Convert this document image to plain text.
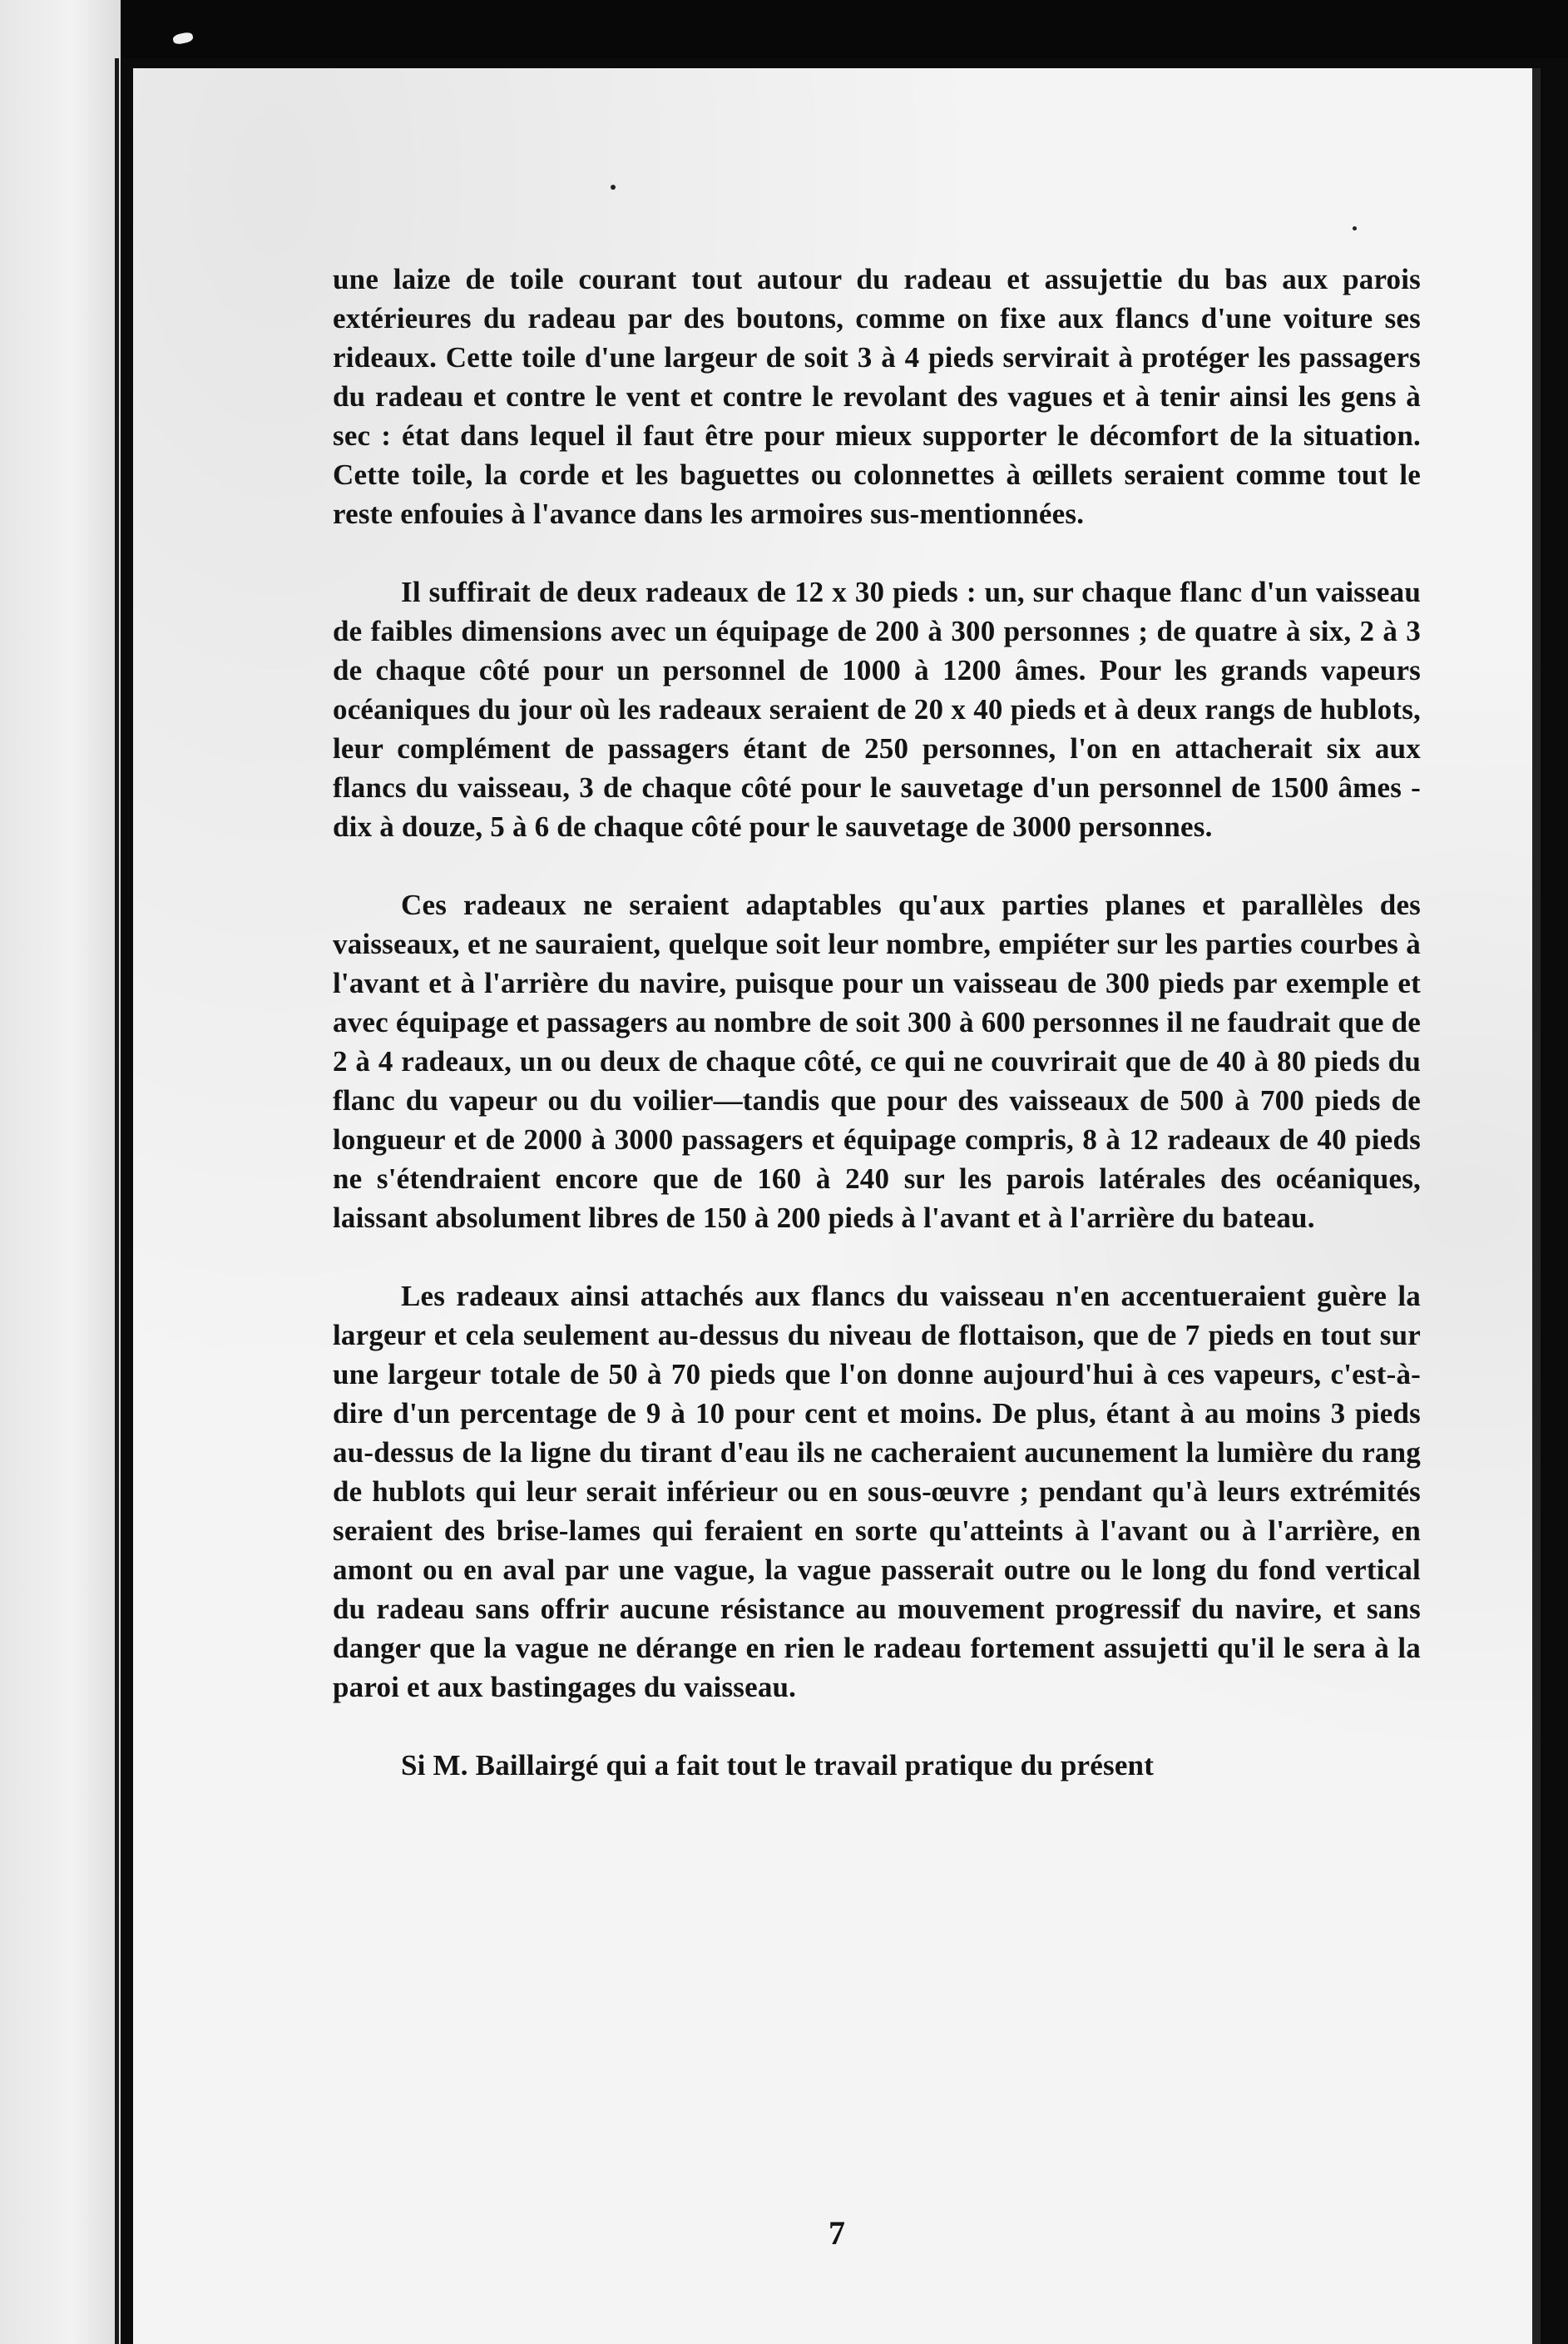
une laize de toile courant tout autour du radeau et assujettie du bas aux parois extérieures du radeau par des boutons, comme on fixe aux flancs d'une voiture ses rideaux. Cette toile d'une largeur de soit 3 à 4 pieds servirait à protéger les passagers du radeau et contre le vent et contre le revolant des vagues et à tenir ainsi les gens à sec : état dans lequel il faut être pour mieux supporter le décomfort de la situation. Cette toile, la corde et les baguettes ou colonnettes à œillets seraient comme tout le reste enfouies à l'avance dans les armoires sus-mentionnées.

Il suffirait de deux radeaux de 12 x 30 pieds : un, sur chaque flanc d'un vaisseau de faibles dimensions avec un équipage de 200 à 300 personnes ; de quatre à six, 2 à 3 de chaque côté pour un personnel de 1000 à 1200 âmes. Pour les grands vapeurs océaniques du jour où les radeaux seraient de 20 x 40 pieds et à deux rangs de hublots, leur complément de passagers étant de 250 personnes, l'on en attacherait six aux flancs du vaisseau, 3 de chaque côté pour le sauvetage d'un personnel de 1500 âmes -dix à douze, 5 à 6 de chaque côté pour le sauvetage de 3000 personnes.

Ces radeaux ne seraient adaptables qu'aux parties planes et parallèles des vaisseaux, et ne sauraient, quelque soit leur nombre, empiéter sur les parties courbes à l'avant et à l'arrière du navire, puisque pour un vaisseau de 300 pieds par exemple et avec équipage et passagers au nombre de soit 300 à 600 personnes il ne faudrait que de 2 à 4 radeaux, un ou deux de chaque côté, ce qui ne couvrirait que de 40 à 80 pieds du flanc du vapeur ou du voilier—tandis que pour des vaisseaux de 500 à 700 pieds de longueur et de 2000 à 3000 passagers et équipage compris, 8 à 12 radeaux de 40 pieds ne s'étendraient encore que de 160 à 240 sur les parois latérales des océaniques, laissant absolument libres de 150 à 200 pieds à l'avant et à l'arrière du bateau.

Les radeaux ainsi attachés aux flancs du vaisseau n'en accentueraient guère la largeur et cela seulement au-dessus du niveau de flottaison, que de 7 pieds en tout sur une largeur totale de 50 à 70 pieds que l'on donne aujourd'hui à ces vapeurs, c'est-à-dire d'un percentage de 9 à 10 pour cent et moins. De plus, étant à au moins 3 pieds au-dessus de la ligne du tirant d'eau ils ne cacheraient aucunement la lumière du rang de hublots qui leur serait inférieur ou en sous-œuvre ; pendant qu'à leurs extrémités seraient des brise-lames qui feraient en sorte qu'atteints à l'avant ou à l'arrière, en amont ou en aval par une vague, la vague passerait outre ou le long du fond vertical du radeau sans offrir aucune résistance au mouvement progressif du navire, et sans danger que la vague ne dérange en rien le radeau fortement assujetti qu'il le sera à la paroi et aux bastingages du vaisseau.

Si M. Baillairgé qui a fait tout le travail pratique du présent

7
